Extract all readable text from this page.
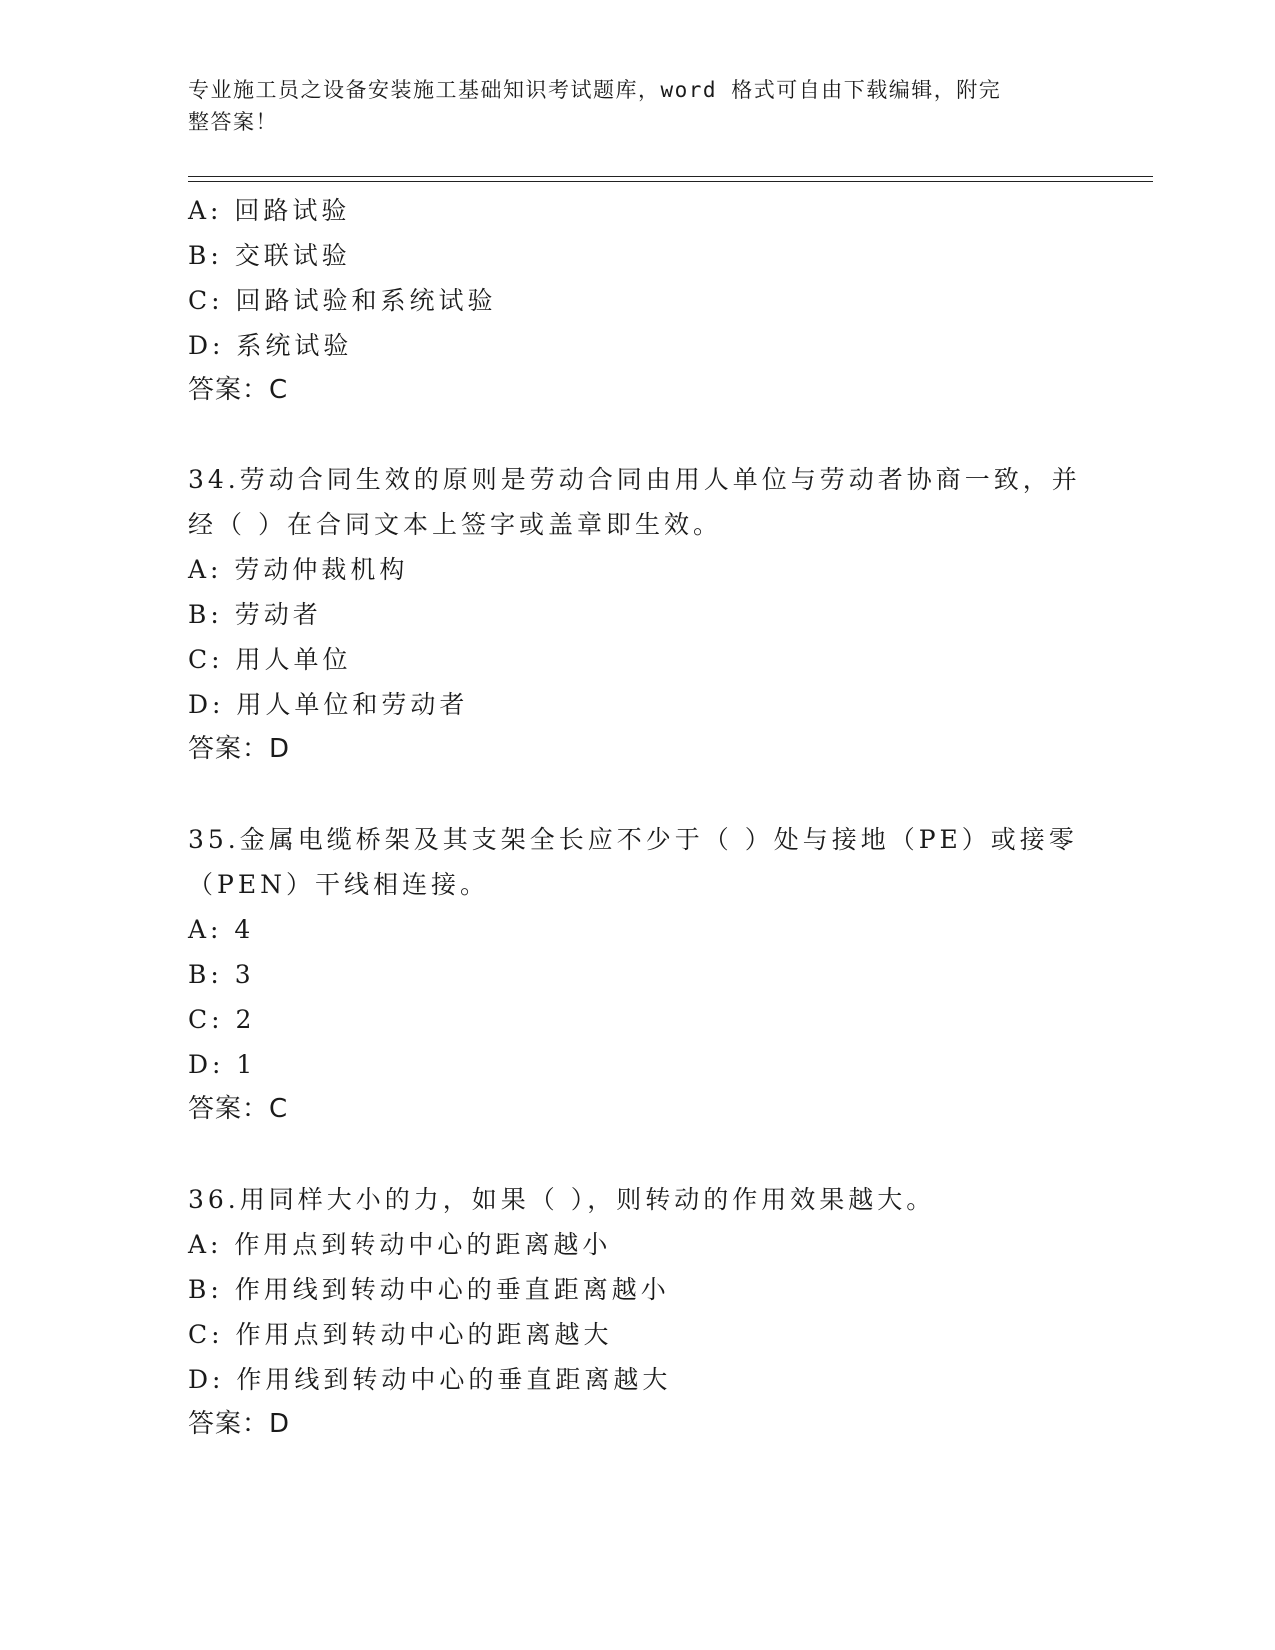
专业施工员之设备安装施工基础知识考试题库，word 格式可自由下载编辑，附完
整答案！
A: 回路试验
B: 交联试验
C: 回路试验和系统试验
D: 系统试验
答案：C
34.劳动合同生效的原则是劳动合同由用人单位与劳动者协商一致，并
经（ ）在合同文本上签字或盖章即生效。
A: 劳动仲裁机构
B: 劳动者
C: 用人单位
D: 用人单位和劳动者
答案：D
35.金属电缆桥架及其支架全长应不少于（ ）处与接地（PE）或接零
（PEN）干线相连接。
A: 4
B: 3
C: 2
D: 1
答案：C
36.用同样大小的力，如果（ ），则转动的作用效果越大。
A: 作用点到转动中心的距离越小
B: 作用线到转动中心的垂直距离越小
C: 作用点到转动中心的距离越大
D: 作用线到转动中心的垂直距离越大
答案：D
